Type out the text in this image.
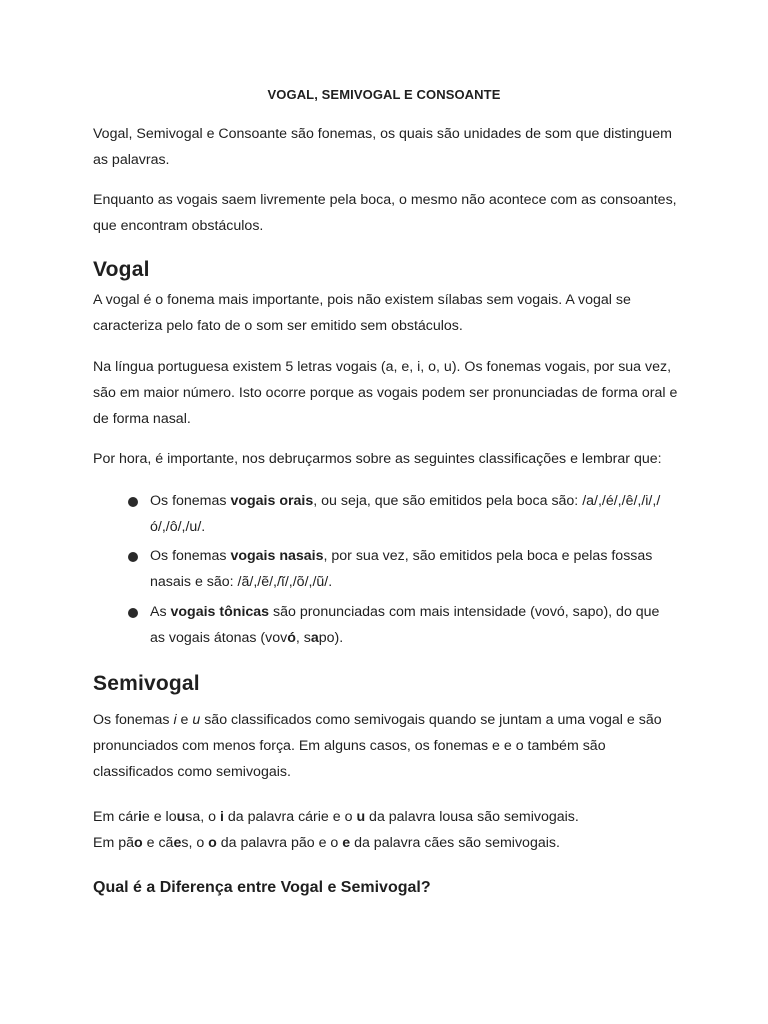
VOGAL, SEMIVOGAL E CONSOANTE

Vogal, Semivogal e Consoante são fonemas, os quais são unidades de som que distinguem as palavras.

Enquanto as vogais saem livremente pela boca, o mesmo não acontece com as consoantes, que encontram obstáculos.

Vogal

A vogal é o fonema mais importante, pois não existem sílabas sem vogais. A vogal se caracteriza pelo fato de o som ser emitido sem obstáculos.

Na língua portuguesa existem 5 letras vogais (a, e, i, o, u). Os fonemas vogais, por sua vez, são em maior número. Isto ocorre porque as vogais podem ser pronunciadas de forma oral e de forma nasal.

Por hora, é importante, nos debruçarmos sobre as seguintes classificações e lembrar que:

Os fonemas vogais orais, ou seja, que são emitidos pela boca são: /a/,/é/,/ê/,/i/,/ó/,/ô/,/u/.

Os fonemas vogais nasais, por sua vez, são emitidos pela boca e pelas fossas nasais e são: /ã/,/ẽ/,/ĩ/,/õ/,/ũ/.

As vogais tônicas são pronunciadas com mais intensidade (vovó, sapo), do que as vogais átonas (vovó, sapo).

Semivogal

Os fonemas i e u são classificados como semivogais quando se juntam a uma vogal e são pronunciados com menos força. Em alguns casos, os fonemas e e o também são classificados como semivogais.

Em cárie e lousa, o i da palavra cárie e o u da palavra lousa são semivogais.

Em pão e cães, o o da palavra pão e o e da palavra cães são semivogais.

Qual é a Diferença entre Vogal e Semivogal?
